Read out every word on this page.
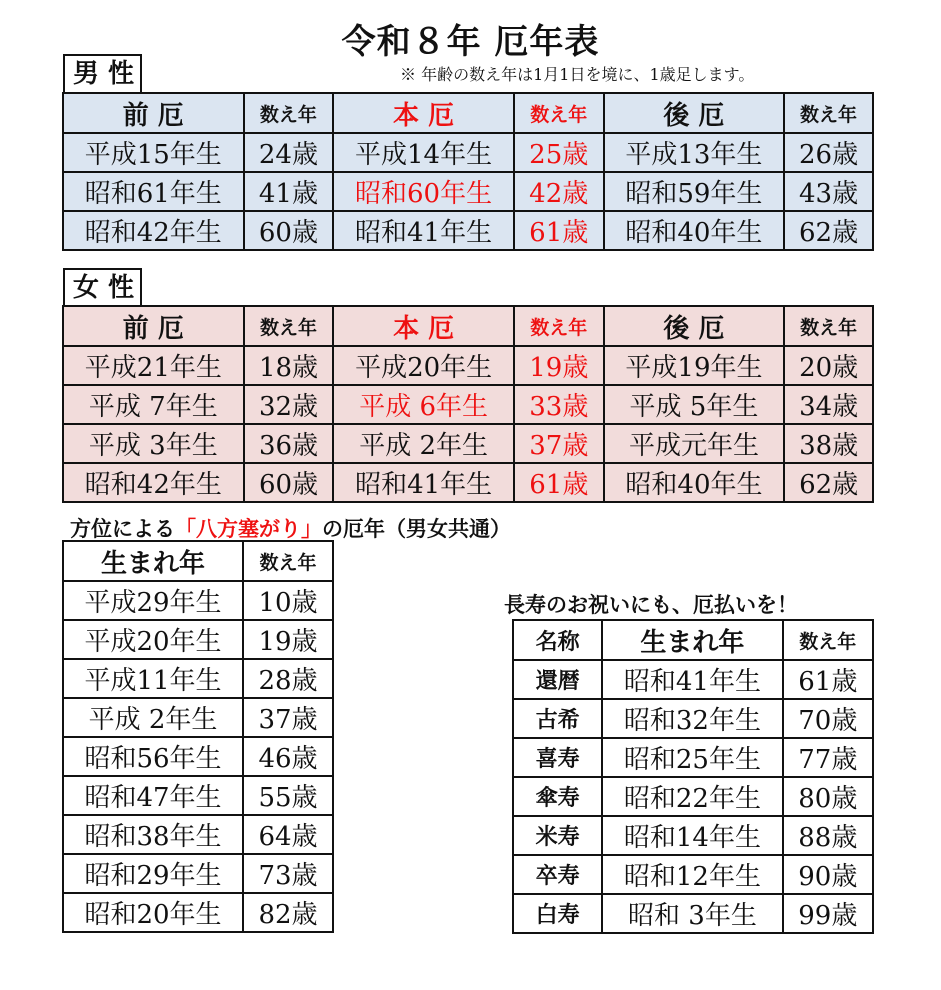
令和８年 厄年表
※ 年齢の数え年は1月1日を境に、1歳足します。
男 性
前 厄	数え年	本 厄	数え年	後 厄	数え年
平成15年生	24歳	平成14年生	25歳	平成13年生	26歳
昭和61年生	41歳	昭和60年生	42歳	昭和59年生	43歳
昭和42年生	60歳	昭和41年生	61歳	昭和40年生	62歳
女 性
前 厄	数え年	本 厄	数え年	後 厄	数え年
平成21年生	18歳	平成20年生	19歳	平成19年生	20歳
平成 7年生	32歳	平成 6年生	33歳	平成 5年生	34歳
平成 3年生	36歳	平成 2年生	37歳	平成元年生	38歳
昭和42年生	60歳	昭和41年生	61歳	昭和40年生	62歳
方位による「八方塞がり」の厄年（男女共通）
生まれ年	数え年
平成29年生	10歳
平成20年生	19歳
平成11年生	28歳
平成 2年生	37歳
昭和56年生	46歳
昭和47年生	55歳
昭和38年生	64歳
昭和29年生	73歳
昭和20年生	82歳
長寿のお祝いにも、厄払いを！
名称	生まれ年	数え年
還暦	昭和41年生	61歳
古希	昭和32年生	70歳
喜寿	昭和25年生	77歳
傘寿	昭和22年生	80歳
米寿	昭和14年生	88歳
卒寿	昭和12年生	90歳
白寿	昭和 3年生	99歳
